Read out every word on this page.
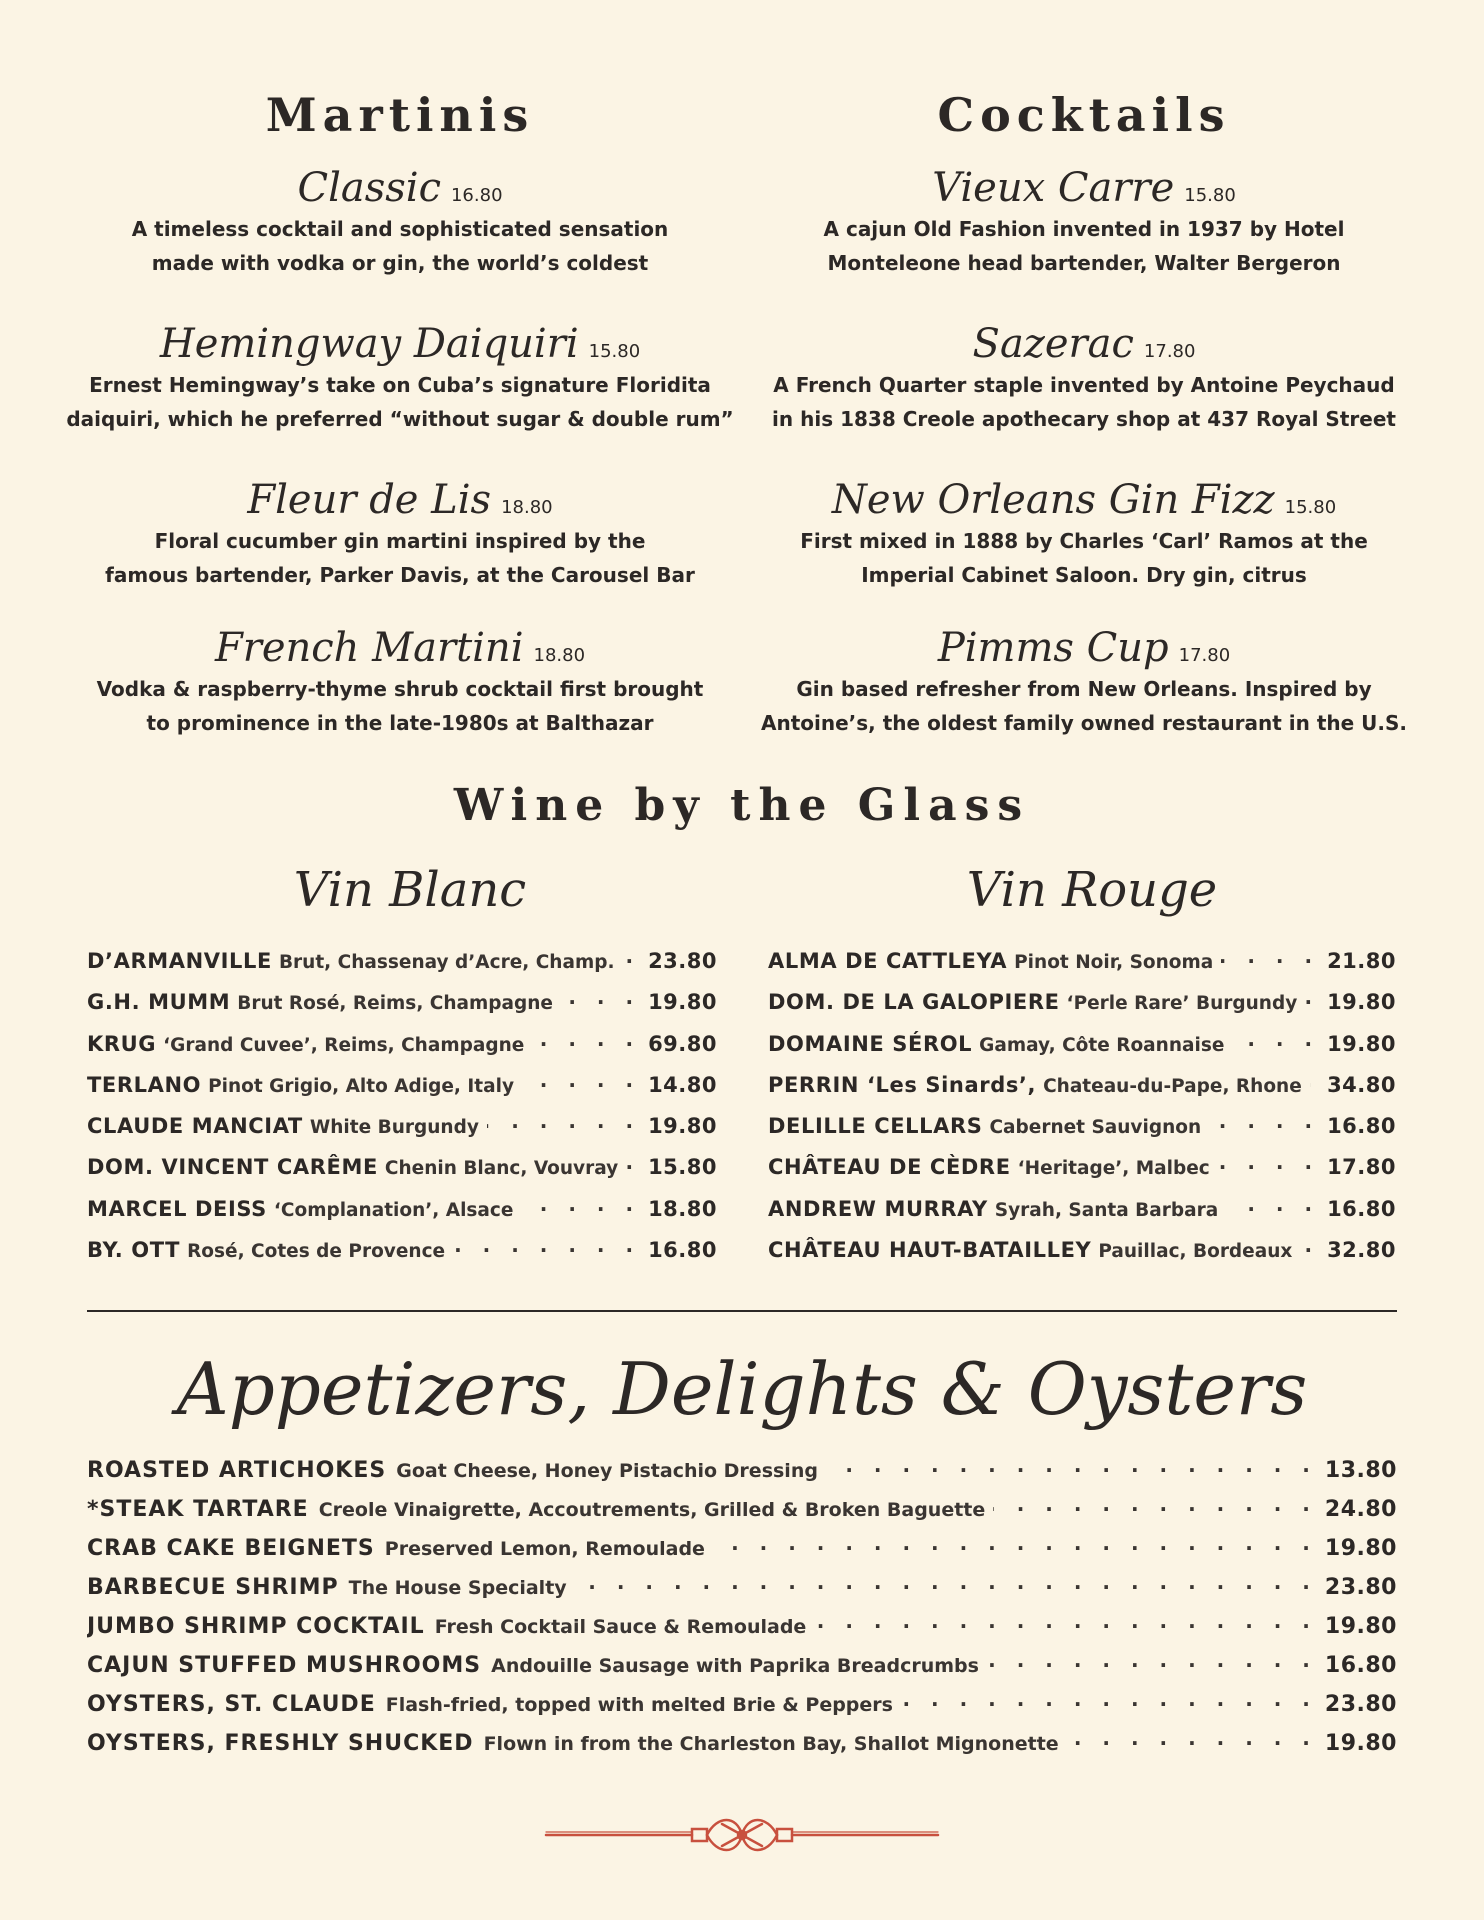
Martinis
Classic 16.80
A timeless cocktail and sophisticated sensation
made with vodka or gin, the world’s coldest
Hemingway Daiquiri 15.80
Ernest Hemingway’s take on Cuba’s signature Floridita
daiquiri, which he preferred “without sugar & double rum”
Fleur de Lis 18.80
Floral cucumber gin martini inspired by the
famous bartender, Parker Davis, at the Carousel Bar
French Martini 18.80
Vodka & raspberry-thyme shrub cocktail first brought
to prominence in the late-1980s at Balthazar
Cocktails
Vieux Carre 15.80
A cajun Old Fashion invented in 1937 by Hotel
Monteleone head bartender, Walter Bergeron
Sazerac 17.80
A French Quarter staple invented by Antoine Peychaud
in his 1838 Creole apothecary shop at 437 Royal Street
New Orleans Gin Fizz 15.80
First mixed in 1888 by Charles ‘Carl’ Ramos at the
Imperial Cabinet Saloon. Dry gin, citrus
Pimms Cup 17.80
Gin based refresher from New Orleans. Inspired by
Antoine’s, the oldest family owned restaurant in the U.S.
Wine by the Glass
Vin Blanc	Vin Rouge
D’ARMANVILLE Brut, Chassenay d’Acre, Champ. . . . 23.80
G.H. MUMM Brut Rosé, Reims, Champagne . . .	19.80
KRUG ‘Grand Cuvee’, Reims, Champagne . . .	69.80
TERLANO Pinot Grigio, Alto Adige, Italy . . .	14.80
CLAUDE MANCIAT White Burgundy . . .	19.80
DOM. VINCENT CARÊME Chenin Blanc, Vouvray . . . 15.80
MARCEL DEISS ‘Complanation’, Alsace . . .	18.80
BY. OTT Rosé, Cotes de Provence . . .	16.80
ALMA DE CATTLEYA Pinot Noir, Sonoma . . .	21.80
DOM. DE LA GALOPIERE ‘Perle Rare’ Burgundy . . . 19.80
DOMAINE SÉROL Gamay, Côte Roannaise . . .	19.80
PERRIN ‘Les Sinards’, Chateau-du-Pape, Rhone . . . 34.80
DELILLE CELLARS Cabernet Sauvignon . . .	16.80
CHÂTEAU DE CÈDRE ‘Heritage’, Malbec . . .	17.80
ANDREW MURRAY Syrah, Santa Barbara . . .	16.80
CHÂTEAU HAUT-BATAILLEY Pauillac, Bordeaux . . . 32.80
Appetizers, Delights & Oysters
ROASTED ARTICHOKES Goat Cheese, Honey Pistachio Dressing . . .	13.80
*STEAK TARTARE Creole Vinaigrette, Accoutrements, Grilled & Broken Baguette . . .	24.80
CRAB CAKE BEIGNETS Preserved Lemon, Remoulade . . .	19.80
BARBECUE SHRIMP The House Specialty . . .	23.80
JUMBO SHRIMP COCKTAIL Fresh Cocktail Sauce & Remoulade . . .	19.80
CAJUN STUFFED MUSHROOMS Andouille Sausage with Paprika Breadcrumbs . . .	16.80
OYSTERS, ST. CLAUDE Flash-fried, topped with melted Brie & Peppers . . .	23.80
OYSTERS, FRESHLY SHUCKED Flown in from the Charleston Bay, Shallot Mignonette . . .	19.80
